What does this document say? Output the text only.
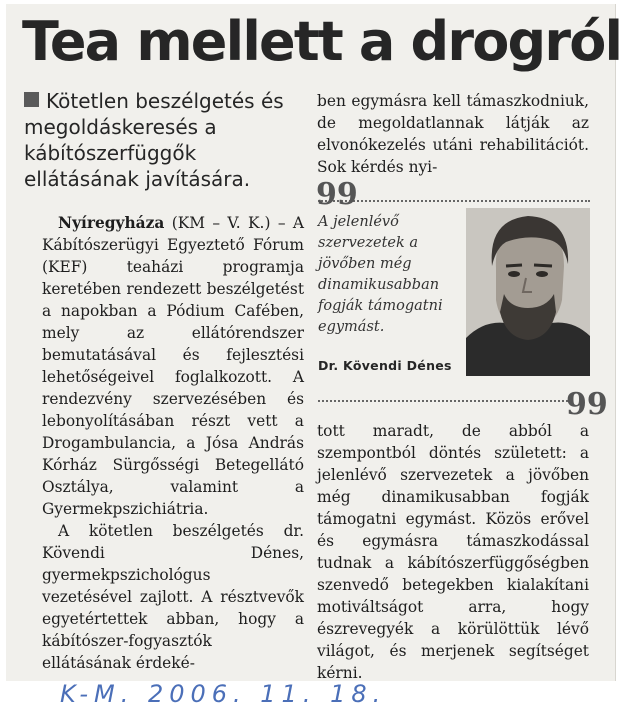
Tea mellett a drogról

Kötetlen beszélgetés és megoldáskeresés a kábítószerfüggők ellátásának javítására.

Nyíregyháza (KM – V. K.) – A Kábítószerügyi Egyeztető Fórum (KEF) teaházi programja keretében rendezett beszélgetést a napokban a Pódium Cafében, mely az ellátórendszer bemutatásával és fejlesztési lehetőségeivel foglalkozott. A rendezvény szervezésében és lebonyolításában részt vett a Drogambulancia, a Jósa András Kórház Sürgősségi Betegellátó Osztálya, valamint a Gyermekpszichiátria.

A kötetlen beszélgetés dr. Kövendi Dénes, gyermekpszichológus vezetésével zajlott. A résztvevők egyetértettek abban, hogy a kábítószer-fogyasztók ellátásának érdeké-

ben egymásra kell támaszkodniuk, de megoldatlannak látják az elvonókezelés utáni rehabilitációt. Sok kérdés nyi-

99

A jelenlévő szervezetek a jövőben még dinamikusabban fogják támogatni egymást.

Dr. Kövendi Dénes

99

tott maradt, de abból a szempontból döntés született: a jelenlévő szervezetek a jövőben még dinamikusabban fogják támogatni egymást. Közös erővel és egymásra támaszkodással tudnak a kábítószerfüggőségben szenvedő betegekben kialakítani motiváltságot arra, hogy észrevegyék a körülöttük lévő világot, és merjenek segítséget kérni.

K-M. 2006. 11. 18.
